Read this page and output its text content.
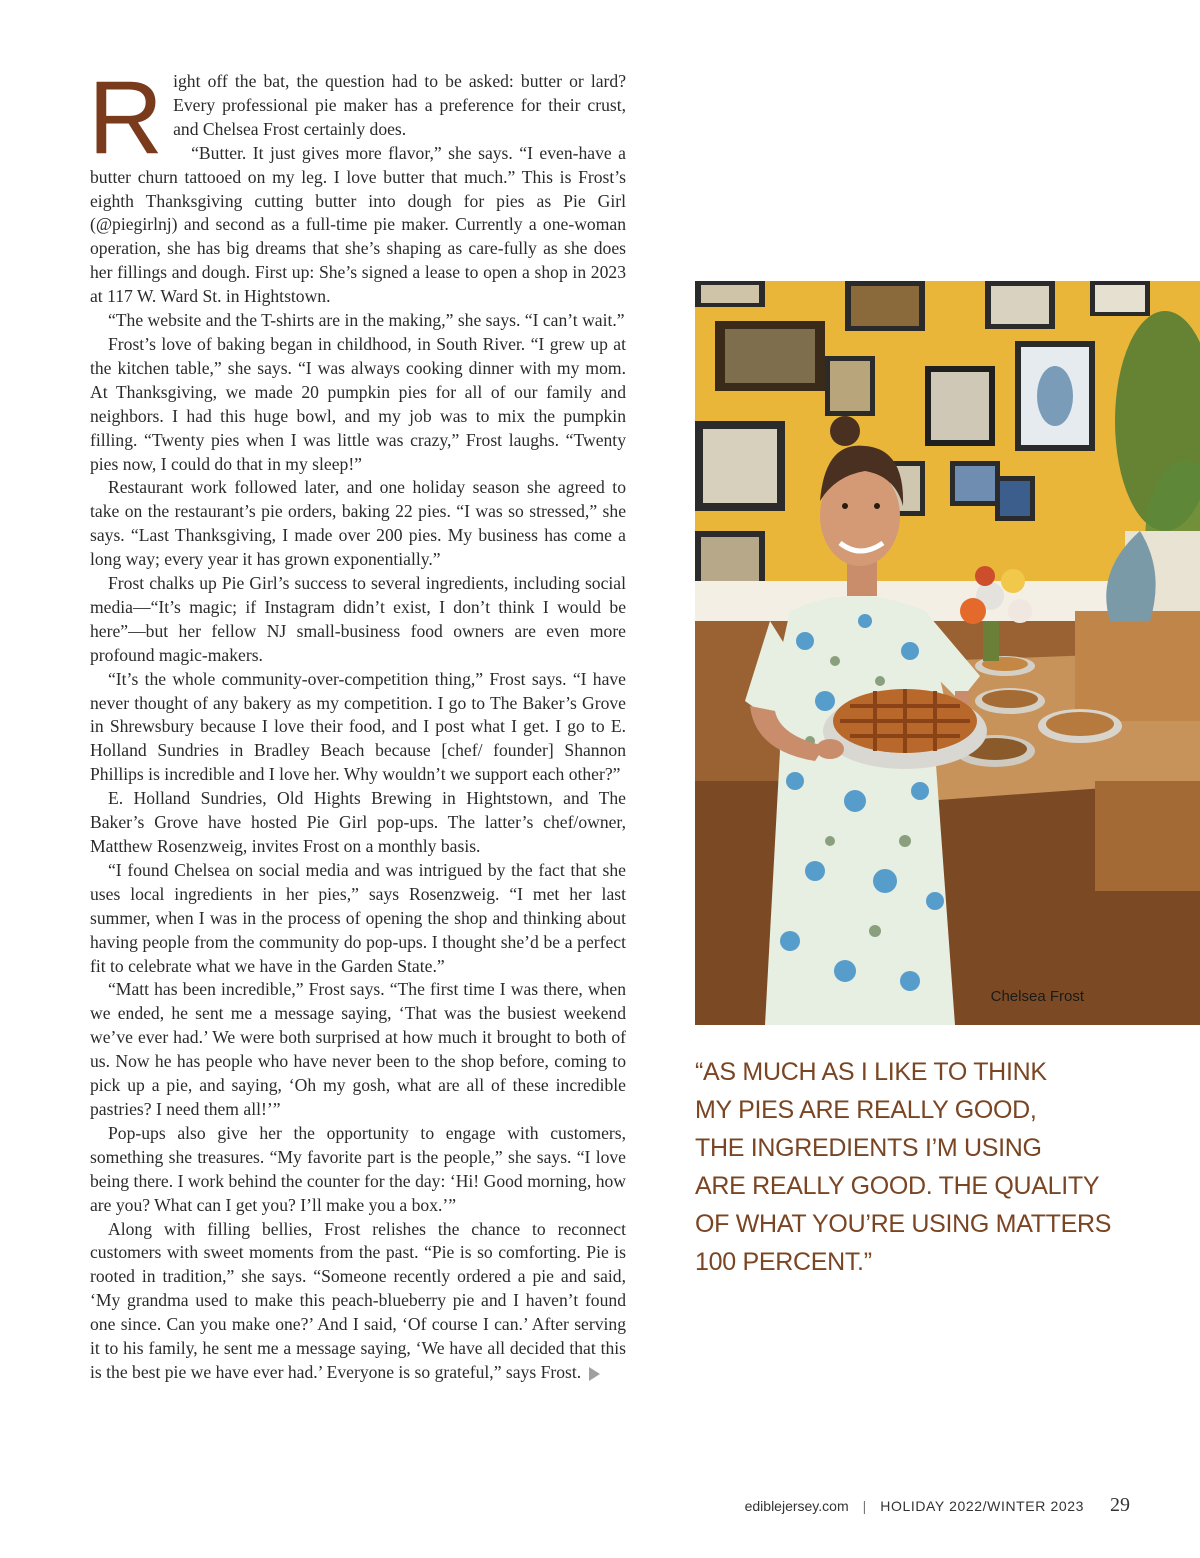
Right off the bat, the question had to be asked: butter or lard? Every professional pie maker has a preference for their crust, and Chelsea Frost certainly does.

“Butter. It just gives more flavor,” she says. “I even-have a butter churn tattooed on my leg. I love butter that much.” This is Frost’s eighth Thanksgiving cutting butter into dough for pies as Pie Girl (@piegirlnj) and second as a full-time pie maker. Currently a one-woman operation, she has big dreams that she’s shaping as care-fully as she does her fillings and dough. First up: She’s signed a lease to open a shop in 2023 at 117 W. Ward St. in Hightstown.

“The website and the T-shirts are in the making,” she says. “I can’t wait.”

Frost’s love of baking began in childhood, in South River. “I grew up at the kitchen table,” she says. “I was always cooking dinner with my mom. At Thanksgiving, we made 20 pumpkin pies for all of our family and neighbors. I had this huge bowl, and my job was to mix the pumpkin filling. “Twenty pies when I was little was crazy,” Frost laughs. “Twenty pies now, I could do that in my sleep!”

Restaurant work followed later, and one holiday season she agreed to take on the restaurant’s pie orders, baking 22 pies. “I was so stressed,” she says. “Last Thanksgiving, I made over 200 pies. My business has come a long way; every year it has grown exponentially.”

Frost chalks up Pie Girl’s success to several ingredients, including social media—“It’s magic; if Instagram didn’t exist, I don’t think I would be here”—but her fellow NJ small-business food owners are even more profound magic-makers.

“It’s the whole community-over-competition thing,” Frost says. “I have never thought of any bakery as my competition. I go to The Baker’s Grove in Shrewsbury because I love their food, and I post what I get. I go to E. Holland Sundries in Bradley Beach because [chef/ founder] Shannon Phillips is incredible and I love her. Why wouldn’t we support each other?”

E. Holland Sundries, Old Hights Brewing in Hightstown, and The Baker’s Grove have hosted Pie Girl pop-ups. The latter’s chef/owner, Matthew Rosenzweig, invites Frost on a monthly basis.

“I found Chelsea on social media and was intrigued by the fact that she uses local ingredients in her pies,” says Rosenzweig. “I met her last summer, when I was in the process of opening the shop and thinking about having people from the community do pop-ups. I thought she’d be a perfect fit to celebrate what we have in the Garden State.”

“Matt has been incredible,” Frost says. “The first time I was there, when we ended, he sent me a message saying, ‘That was the busiest weekend we’ve ever had.’ We were both surprised at how much it brought to both of us. Now he has people who have never been to the shop before, coming to pick up a pie, and saying, ‘Oh my gosh, what are all of these incredible pastries? I need them all!’”

Pop-ups also give her the opportunity to engage with customers, something she treasures. “My favorite part is the people,” she says. “I love being there. I work behind the counter for the day: ‘Hi! Good morning, how are you? What can I get you? I’ll make you a box.’”

Along with filling bellies, Frost relishes the chance to reconnect customers with sweet moments from the past. “Pie is so comforting. Pie is rooted in tradition,” she says. “Someone recently ordered a pie and said, ‘My grandma used to make this peach-blueberry pie and I haven’t found one since. Can you make one?’ And I said, ‘Of course I can.’ After serving it to his family, he sent me a message saying, ‘We have all decided that this is the best pie we have ever had.’ Everyone is so grateful,” says Frost.

Chelsea Frost
“AS MUCH AS I LIKE TO THINK
MY PIES ARE REALLY GOOD,
THE INGREDIENTS I’M USING
ARE REALLY GOOD. THE QUALITY
OF WHAT YOU’RE USING MATTERS
100 PERCENT.”
ediblejersey.com | HOLIDAY 2022/WINTER 2023 29
